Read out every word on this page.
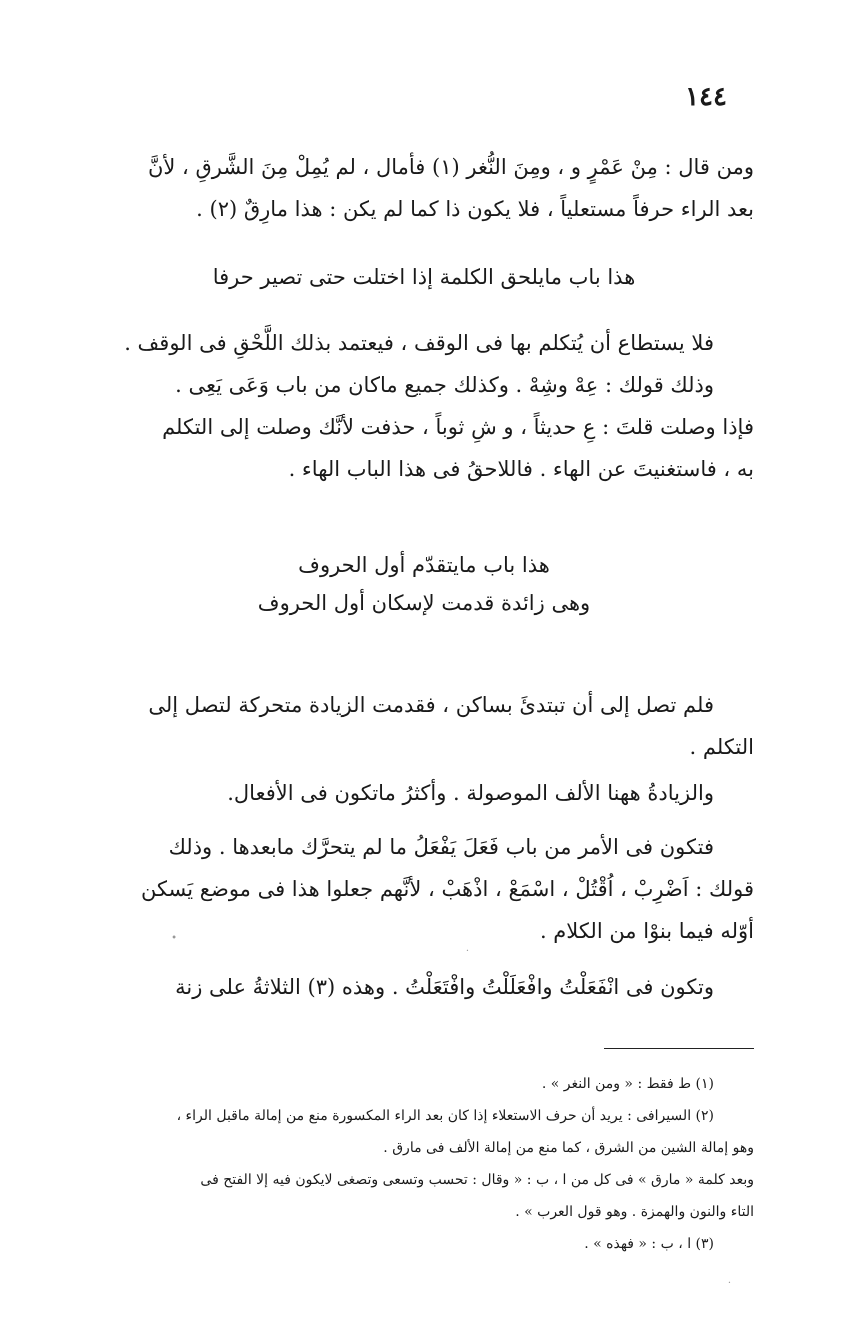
١٤٤
ومن قال : مِنْ عَمْرٍ و ، ومِنَ النُّغر (١) فأمال ، لم يُمِلْ مِنَ الشَّرقِ ، لأنَّ
بعد الراء حرفاً مستعلياً ، فلا يكون ذا كما لم يكن : هذا مارِقٌ (٢) .
هذا باب مايلحق الكلمة إذا اختلت حتى تصير حرفا
فلا يستطاع أن يُتكلم بها فى الوقف ، فيعتمد بذلك اللَّحْقِ فى الوقف .
وذلك قولك : عِهْ وشِهْ . وكذلك جميع ماكان من باب وَعَى يَعِى .
فإذا وصلت قلتَ : عِ حديثاً ، و شِ ثوباً ، حذفت لأنَّك وصلت إلى التكلم
به ، فاستغنيتَ عن الهاء . فاللاحقُ فى هذا الباب الهاء .
هذا باب مايتقدّم أول الحروف
وهى زائدة قدمت لإسكان أول الحروف
فلم تصل إلى أن تبتدئَ بساكن ، فقدمت الزيادة متحركة لتصل إلى
التكلم .
والزيادةُ ههنا الألف الموصولة . وأكثرُ ماتكون فى الأفعال.
فتكون فى الأمر من باب فَعَلَ يَفْعَلُ ما لم يتحرَّك مابعدها . وذلك
قولك : اَضْرِبْ ، اُقْتُلْ ، اسْمَعْ ، اذْهَبْ ، لأنَّهم جعلوا هذا فى موضع يَسكن
أوّله فيما بنوْا من الكلام .
وتكون فى انْفَعَلْتُ وافْعَلَلْتُ وافْتَعَلْتُ . وهذه (٣) الثلاثةُ على زنة
(١) ط فقط : « ومن النغر » .
(٢) السيرافى : يريد أن حرف الاستعلاء إذا كان بعد الراء المكسورة منع من إمالة ماقبل الراء ،
وهو إمالة الشين من الشرق ، كما منع من إمالة الألف فى مارق .
وبعد كلمة « مارق » فى كل من ا ، ب : « وقال : تحسب وتسعى وتصغى لايكون فيه إلا الفتح فى
التاء والنون والهمزة . وهو قول العرب » .
(٣) ا ، ب : « فهذه » .
•
·
·
